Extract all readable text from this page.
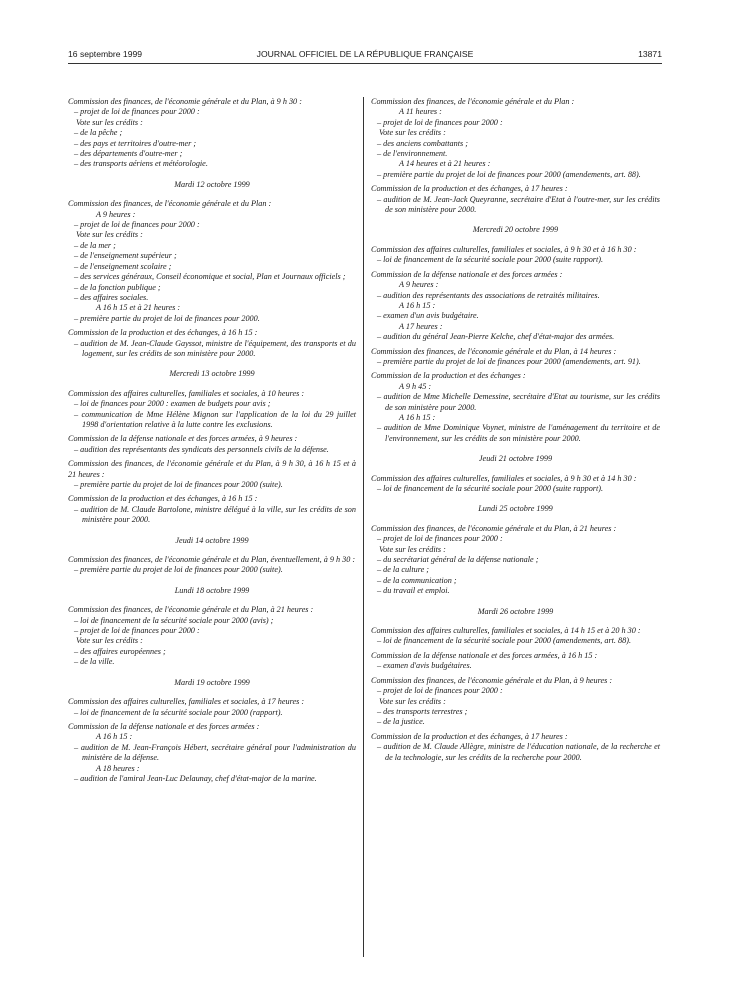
16 septembre 1999	JOURNAL OFFICIEL DE LA RÉPUBLIQUE FRANÇAISE	13871
Commission des finances, de l'économie générale et du Plan, à 9 h 30 :
– projet de loi de finances pour 2000 :
Vote sur les crédits :
– de la pêche ;
– des pays et territoires d'outre-mer ;
– des départements d'outre-mer ;
– des transports aériens et météorologie.
Mardi 12 octobre 1999
Commission des finances, de l'économie générale et du Plan :
A 9 heures :
– projet de loi de finances pour 2000 :
Vote sur les crédits :
– de la mer ;
– de l'enseignement supérieur ;
– de l'enseignement scolaire ;
– des services généraux, Conseil économique et social, Plan et Journaux officiels ;
– de la fonction publique ;
– des affaires sociales.
A 16 h 15 et à 21 heures :
– première partie du projet de loi de finances pour 2000.
Commission de la production et des échanges, à 16 h 15 :
– audition de M. Jean-Claude Gayssot, ministre de l'équipement, des transports et du logement, sur les crédits de son ministère pour 2000.
Mercredi 13 octobre 1999
Commission des affaires culturelles, familiales et sociales, à 10 heures :
– loi de finances pour 2000 : examen de budgets pour avis ;
– communication de Mme Hélène Mignon sur l'application de la loi du 29 juillet 1998 d'orientation relative à la lutte contre les exclusions.
Commission de la défense nationale et des forces armées, à 9 heures :
– audition des représentants des syndicats des personnels civils de la défense.
Commission des finances, de l'économie générale et du Plan, à 9 h 30, à 16 h 15 et à 21 heures :
– première partie du projet de loi de finances pour 2000 (suite).
Commission de la production et des échanges, à 16 h 15 :
– audition de M. Claude Bartolone, ministre délégué à la ville, sur les crédits de son ministère pour 2000.
Jeudi 14 octobre 1999
Commission des finances, de l'économie générale et du Plan, éventuellement, à 9 h 30 :
– première partie du projet de loi de finances pour 2000 (suite).
Lundi 18 octobre 1999
Commission des finances, de l'économie générale et du Plan, à 21 heures :
– loi de financement de la sécurité sociale pour 2000 (avis) ;
– projet de loi de finances pour 2000 :
Vote sur les crédits :
– des affaires européennes ;
– de la ville.
Mardi 19 octobre 1999
Commission des affaires culturelles, familiales et sociales, à 17 heures :
– loi de financement de la sécurité sociale pour 2000 (rapport).
Commission de la défense nationale et des forces armées :
A 16 h 15 :
– audition de M. Jean-François Hébert, secrétaire général pour l'administration du ministère de la défense.
A 18 heures :
– audition de l'amiral Jean-Luc Delaunay, chef d'état-major de la marine.
Commission des finances, de l'économie générale et du Plan :
A 11 heures :
– projet de loi de finances pour 2000 :
Vote sur les crédits :
– des anciens combattants ;
– de l'environnement.
A 14 heures et à 21 heures :
– première partie du projet de loi de finances pour 2000 (amendements, art. 88).
Commission de la production et des échanges, à 17 heures :
– audition de M. Jean-Jack Queyranne, secrétaire d'Etat à l'outre-mer, sur les crédits de son ministère pour 2000.
Mercredi 20 octobre 1999
Commission des affaires culturelles, familiales et sociales, à 9 h 30 et à 16 h 30 :
– loi de financement de la sécurité sociale pour 2000 (suite rapport).
Commission de la défense nationale et des forces armées :
A 9 heures :
– audition des représentants des associations de retraités militaires.
A 16 h 15 :
– examen d'un avis budgétaire.
A 17 heures :
– audition du général Jean-Pierre Kelche, chef d'état-major des armées.
Commission des finances, de l'économie générale et du Plan, à 14 heures :
– première partie du projet de loi de finances pour 2000 (amendements, art. 91).
Commission de la production et des échanges :
A 9 h 45 :
– audition de Mme Michelle Demessine, secrétaire d'Etat au tourisme, sur les crédits de son ministère pour 2000.
A 16 h 15 :
– audition de Mme Dominique Voynet, ministre de l'aménagement du territoire et de l'environnement, sur les crédits de son ministère pour 2000.
Jeudi 21 octobre 1999
Commission des affaires culturelles, familiales et sociales, à 9 h 30 et à 14 h 30 :
– loi de financement de la sécurité sociale pour 2000 (suite rapport).
Lundi 25 octobre 1999
Commission des finances, de l'économie générale et du Plan, à 21 heures :
– projet de loi de finances pour 2000 :
Vote sur les crédits :
– du secrétariat général de la défense nationale ;
– de la culture ;
– de la communication ;
– du travail et emploi.
Mardi 26 octobre 1999
Commission des affaires culturelles, familiales et sociales, à 14 h 15 et à 20 h 30 :
– loi de financement de la sécurité sociale pour 2000 (amendements, art. 88).
Commission de la défense nationale et des forces armées, à 16 h 15 :
– examen d'avis budgétaires.
Commission des finances, de l'économie générale et du Plan, à 9 heures :
– projet de loi de finances pour 2000 :
Vote sur les crédits :
– des transports terrestres ;
– de la justice.
Commission de la production et des échanges, à 17 heures :
– audition de M. Claude Allègre, ministre de l'éducation nationale, de la recherche et de la technologie, sur les crédits de la recherche pour 2000.
